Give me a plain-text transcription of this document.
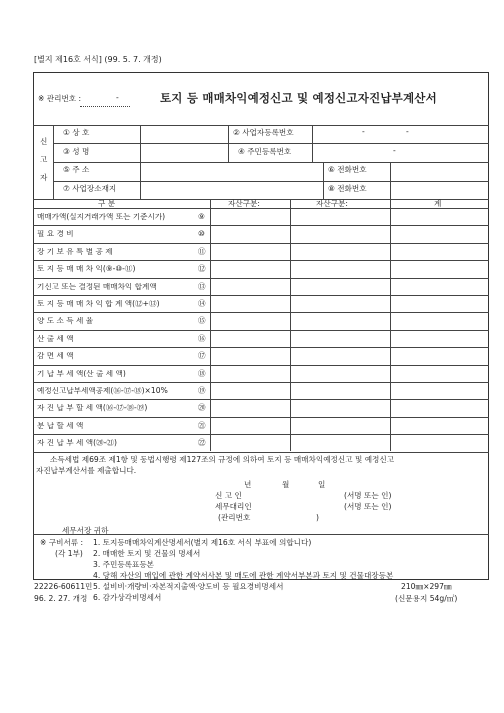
[별지 제16호 서식] (99. 5. 7. 개정)
※ 관리번호 :	-	토지 등 매매차익예정신고 및 예정신고자진납부계산서
신
고
자
① 상 호	② 사업자등록번호	-	-
③ 성 명	④ 주민등록번호	-
⑤ 주 소	⑥ 전화번호
⑦ 사업장소재지	⑧ 전화번호
구 분	자산구분:	자산구분:	계
매매가액(실지거래가액 또는 기준시가)	⑨
필 요 경 비	⑩
장 기 보 유 특 별 공 제	⑪
토 지 등 매 매 차 익(⑨-⑩-⑪)	⑫
기신고 또는 결정된 매매차익 합계액	⑬
토 지 등 매 매 차 익 합 계 액(⑫+⑬)	⑭
양 도 소 득 세 율	⑮
산 출 세 액	⑯
감 면 세 액	⑰
기 납 부 세 액(산 출 세 액)	⑱
예정신고납부세액공제(⑯-⑰-⑱)×10%	⑲
자 진 납 부 할 세 액(⑯-⑰-⑱-⑲)	⑳
분 납 할 세 액	㉑
자 진 납 부 세 액(⑳-㉑)	㉒
소득세법 제69조 제1항 및 동법시행령 제127조의 규정에 의하여 토지 등 매매차익예정신고 및 예정신고
자진납부계산서를 제출합니다.
년	월	일
신 고 인	(서명 또는 인)
세무대리인	(서명 또는 인)
(관리번호	)
세무서장 귀하
※ 구비서류 :
(각 1부)
1. 토지등매매차익계산명세서(별지 제16호 서식 부표에 의합니다)
2. 매매한 토지 및 건물의 명세서
3. 주민등록표등본
4. 당해 자산의 매입에 관한 계약서사본 및 매도에 관한 계약서부본과 토지 및 건물대장등본
5. 설비비·개량비·자본적지출액·양도비 등 필요경비명세서
6. 감가상각비명세서
22226-60611민	210㎜×297㎜
96. 2. 27. 개정	(신문용지 54g/㎡)
